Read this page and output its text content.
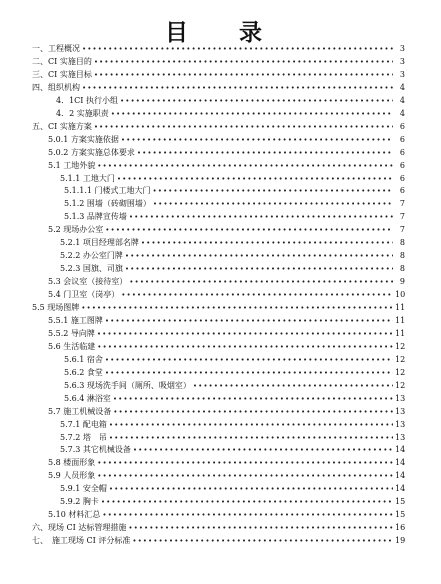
目　录
一、工程概况 •••••	3
二、CI 实施目的 •••••	3
三、CI 实施目标 •••••	3
四、组织机构 •••••	4
4．1CI 执行小组 •••••	4
4．2 实施职责 •••••	4
五、CI 实施方案 •••••	6
5.0.1 方案实施依据 •••••	6
5.0.2 方案实施总体要求 •••••	6
5.1 工地外貌 •••••	6
5.1.1 工地大门 •••••	6
5.1.1.1 门楼式工地大门 •••••	6
5.1.2 围墙（砖砌围墙） •••••	7
5.1.3 品牌宣传墙 •••••	7
5.2 现场办公室 •••••	7
5.2.1 项目经理部名牌 •••••	8
5.2.2 办公室门牌 •••••	8
5.2.3 国旗、司旗 •••••	8
5.3 会议室（接待室） •••••	9
5.4 门卫室（岗亭） •••••	10
5.5 现场图牌 •••••	11
5.5.1 施工图牌 •••••	11
5.5.2 导向牌 •••••	11
5.6 生活临建 •••••	12
5.6.1 宿舍 •••••	12
5.6.2 食堂 •••••	12
5.6.3 现场洗手间（厕所、吸烟室） •••••	12
5.6.4 淋浴室 •••••	13
5.7 施工机械设备 •••••	13
5.7.1 配电箱 •••••	13
5.7.2 塔　吊 •••••	13
5.7.3 其它机械设备 •••••	14
5.8 楼面形象 •••••	14
5.9 人员形象 •••••	14
5.9.1 安全帽 •••••	14
5.9.2 胸卡 •••••	15
5.10 材料汇总 •••••	15
六、现场 CI 达标管理措施 •••••	16
七、　施工现场 CI 评分标准 •••••	19
